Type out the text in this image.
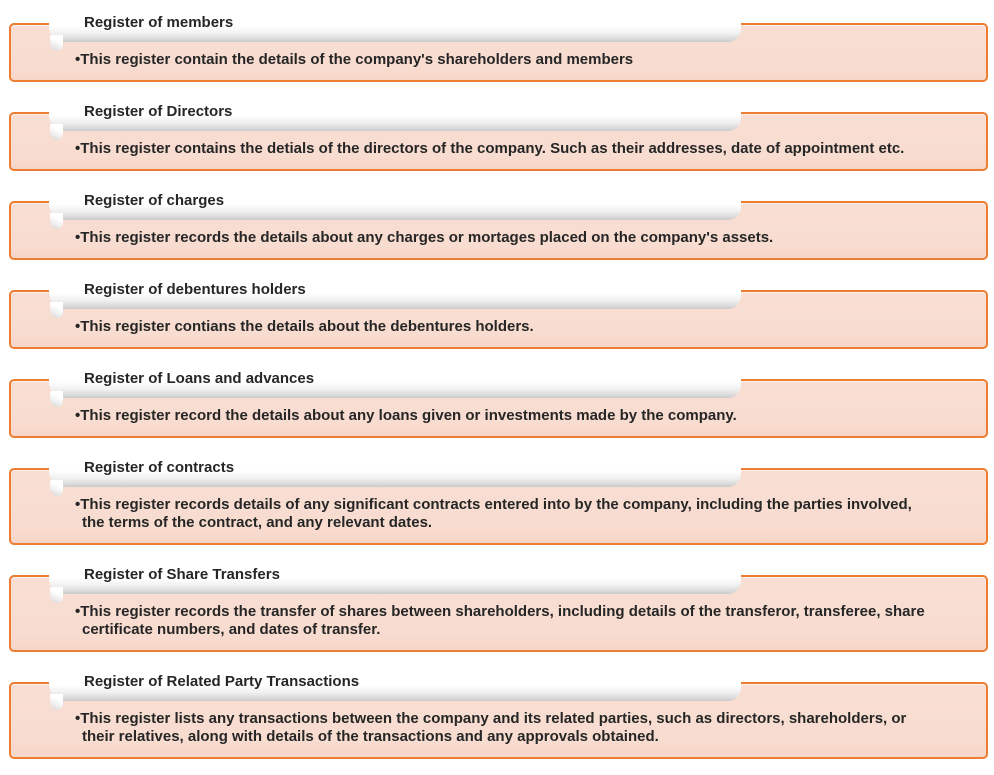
Register of members
•This register contain the details of the company's shareholders and members
Register of Directors
•This register contains the detials of the directors of the company. Such as their addresses, date of appointment etc.
Register of charges
•This register records the details about any charges or mortages placed on the company's assets.
Register of debentures holders
•This register contians the details about the debentures holders.
Register of Loans and advances
•This register record the details about any loans given or investments made by the company.
Register of contracts
•This register records details of any significant contracts entered into by the company, including the parties involved, the terms of the contract, and any relevant dates.
Register of Share Transfers
•This register records the transfer of shares between shareholders, including details of the transferor, transferee, share certificate numbers, and dates of transfer.
Register of Related Party Transactions
•This register lists any transactions between the company and its related parties, such as directors, shareholders, or their relatives, along with details of the transactions and any approvals obtained.
